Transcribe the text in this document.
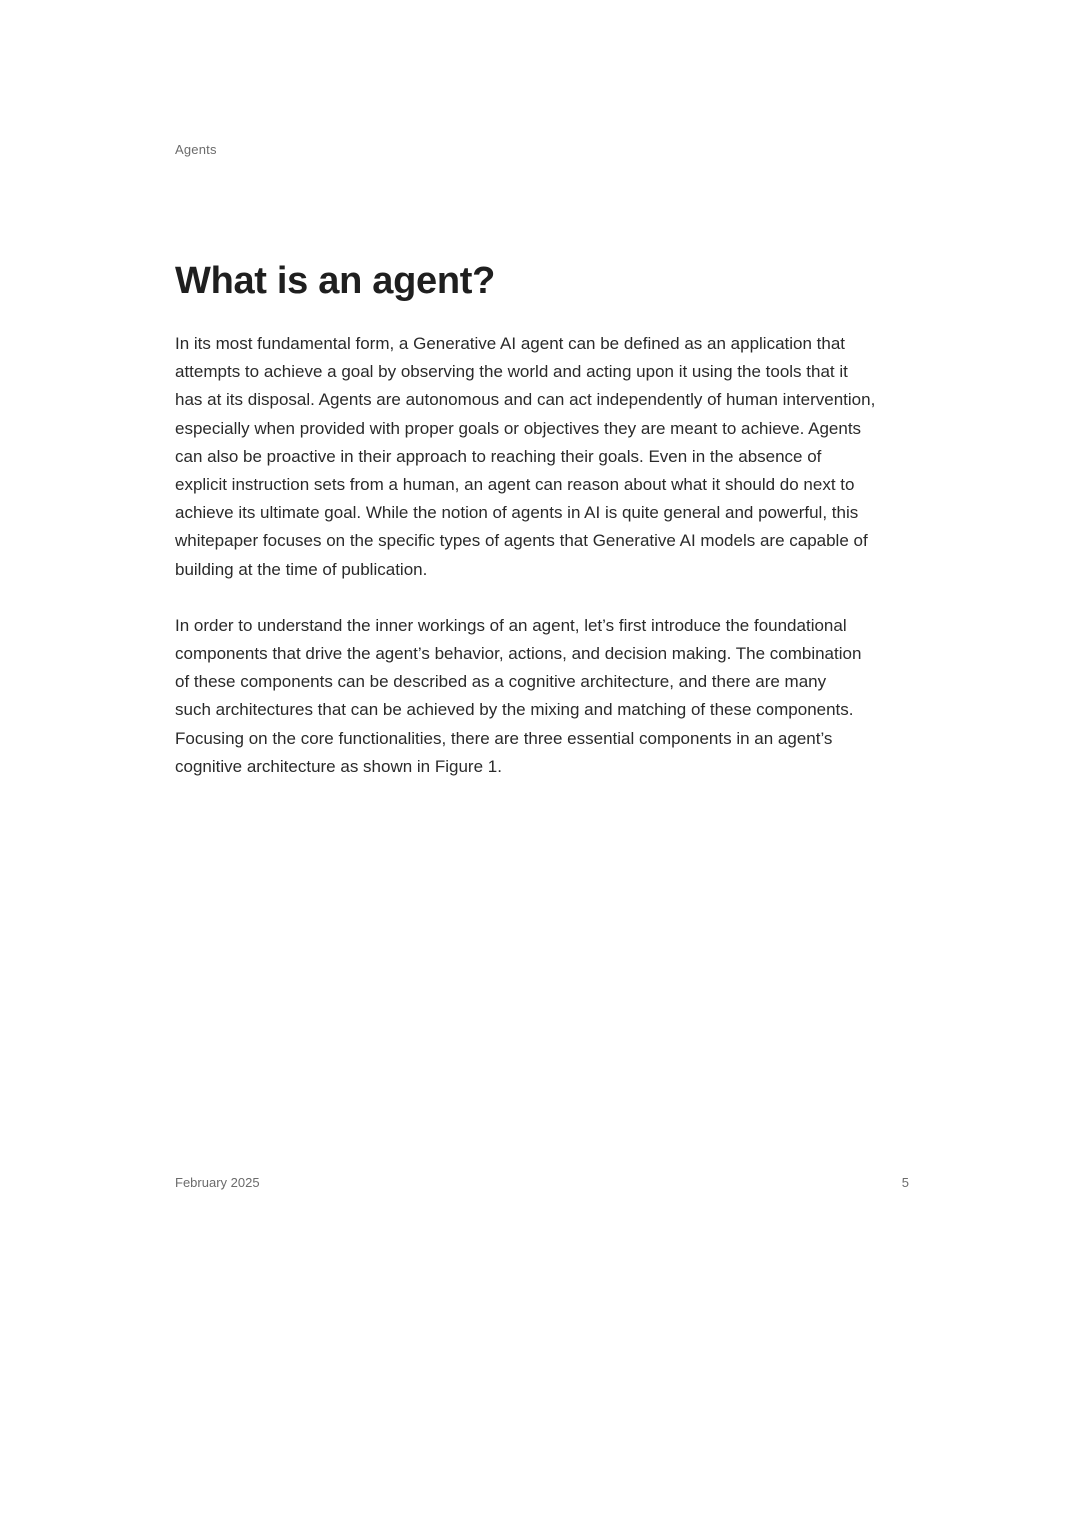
Agents
What is an agent?

In its most fundamental form, a Generative AI agent can be defined as an application that
attempts to achieve a goal by observing the world and acting upon it using the tools that it
has at its disposal. Agents are autonomous and can act independently of human intervention,
especially when provided with proper goals or objectives they are meant to achieve. Agents
can also be proactive in their approach to reaching their goals. Even in the absence of
explicit instruction sets from a human, an agent can reason about what it should do next to
achieve its ultimate goal. While the notion of agents in AI is quite general and powerful, this
whitepaper focuses on the specific types of agents that Generative AI models are capable of
building at the time of publication.

In order to understand the inner workings of an agent, let’s first introduce the foundational
components that drive the agent’s behavior, actions, and decision making. The combination
of these components can be described as a cognitive architecture, and there are many
such architectures that can be achieved by the mixing and matching of these components.
Focusing on the core functionalities, there are three essential components in an agent’s
cognitive architecture as shown in Figure 1.

February 2025	5
